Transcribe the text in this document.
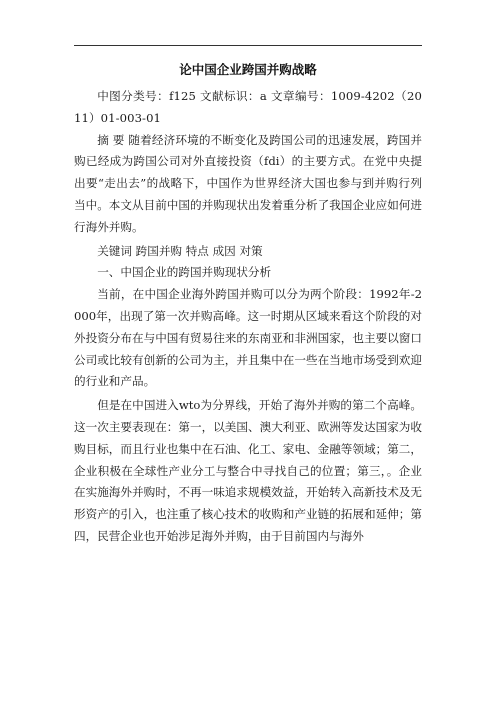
论中国企业跨国并购战略

中图分类号：f125 文献标识：a 文章编号：1009-4202（2011）01-003-01

摘 要 随着经济环境的不断变化及跨国公司的迅速发展，跨国并购已经成为跨国公司对外直接投资（fdi）的主要方式。在党中央提出要“走出去”的战略下，中国作为世界经济大国也参与到并购行列当中。本文从目前中国的并购现状出发着重分析了我国企业应如何进行海外并购。

关键词 跨国并购 特点 成因 对策

一、中国企业的跨国并购现状分析

当前，在中国企业海外跨国并购可以分为两个阶段：1992年-2000年，出现了第一次并购高峰。这一时期从区域来看这个阶段的对外投资分布在与中国有贸易往来的东南亚和非洲国家，也主要以窗口公司或比较有创新的公司为主，并且集中在一些在当地市场受到欢迎的行业和产品。

但是在中国进入wto为分界线，开始了海外并购的第二个高峰。这一次主要表现在：第一，以美国、澳大利亚、欧洲等发达国家为收购目标，而且行业也集中在石油、化工、家电、金融等领域；第二，企业积极在全球性产业分工与整合中寻找自己的位置；第三，。企业在实施海外并购时，不再一味追求规模效益，开始转入高新技术及无形资产的引入，也注重了核心技术的收购和产业链的拓展和延伸；第四，民营企业也开始涉足海外并购，由于目前国内与海外
